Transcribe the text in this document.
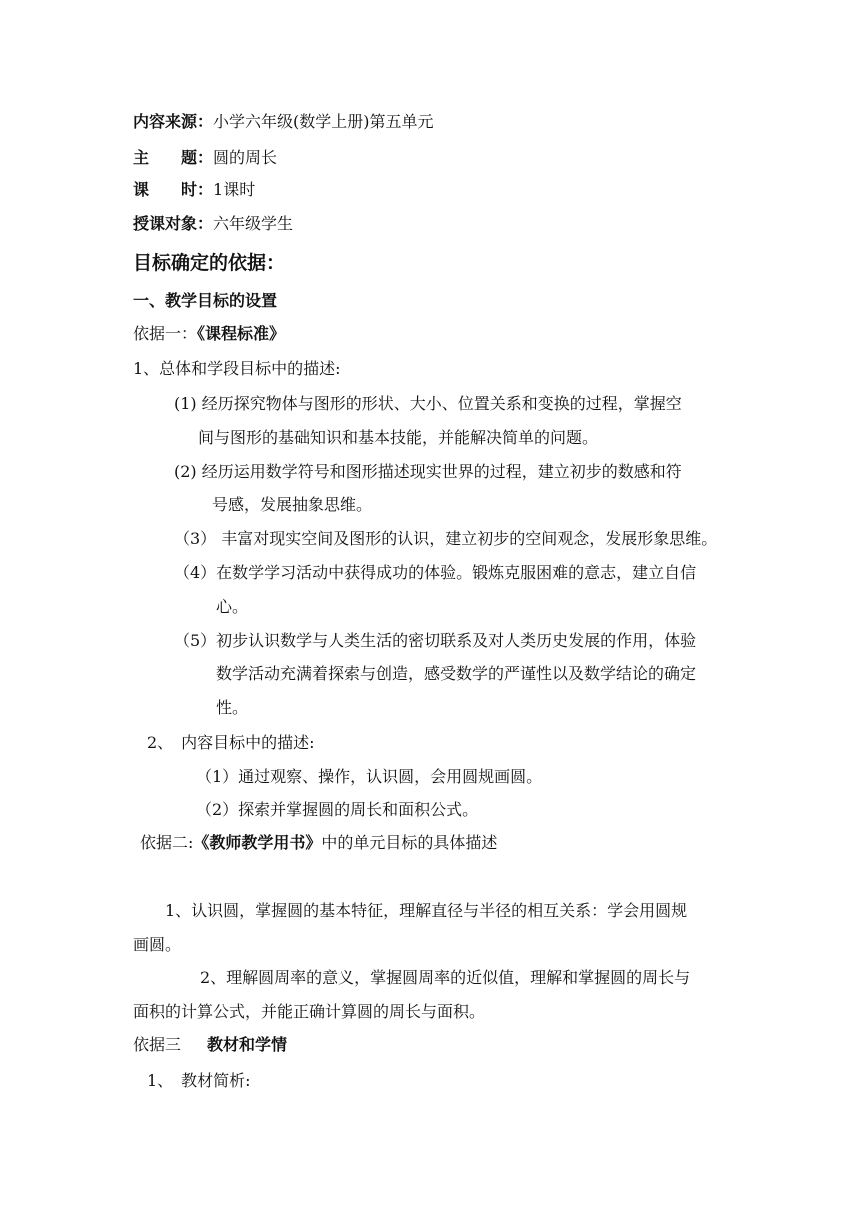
内容来源：小学六年级(数学上册)第五单元
主　　题：圆的周长
课　　时：1课时
授课对象：六年级学生
目标确定的依据：
一、教学目标的设置
依据一：《课程标准》
1、总体和学段目标中的描述:
(1) 经历探究物体与图形的形状、大小、位置关系和变换的过程，掌握空
间与图形的基础知识和基本技能，并能解决简单的问题。
(2) 经历运用数学符号和图形描述现实世界的过程，建立初步的数感和符
号感，发展抽象思维。
（3） 丰富对现实空间及图形的认识，建立初步的空间观念，发展形象思维。
（4）在数学学习活动中获得成功的体验。锻炼克服困难的意志，建立自信
心。
（5）初步认识数学与人类生活的密切联系及对人类历史发展的作用，体验
数学活动充满着探索与创造，感受数学的严谨性以及数学结论的确定
性。
2、　内容目标中的描述:
（1）通过观察、操作，认识圆，会用圆规画圆。
（2）探索并掌握圆的周长和面积公式。
依据二:《教师教学用书》中的单元目标的具体描述
1、认识圆，掌握圆的基本特征，理解直径与半径的相互关系：学会用圆规
画圆。
2、理解圆周率的意义，掌握圆周率的近似值，理解和掌握圆的周长与
面积的计算公式，并能正确计算圆的周长与面积。
依据三 教材和学情
1、　教材简析:
